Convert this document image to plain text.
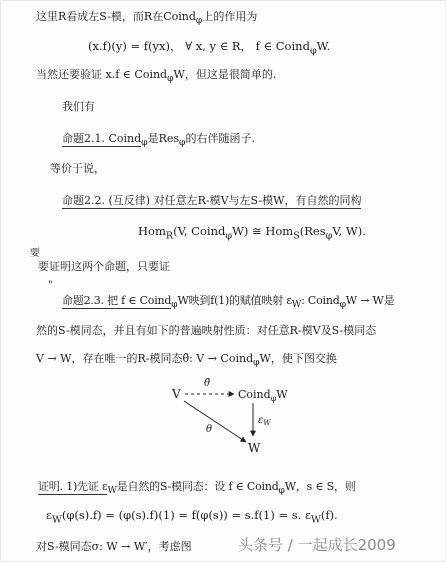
这里R看成左S-模，而R在Coind$_\varphi$上的作用为
(x.f)(y) = f(yx)， ∀ x, y ∈ R， f ∈ Coind$_\varphi$W.
当然还要验证 x.f ∈ Coind$_\varphi$W，但这是很简单的.
我们有
命题2.1. Coind$_\varphi$是Res$_\varphi$的右伴随函子.
等价于说，
命题2.2. (互反律) 对任意左R-模V与左S-模W，有自然的同构
Hom$_R$(V, Coind$_\varphi$W) ≅ Hom$_S$(Res$_\varphi$V, W).
要
要证明这两个命题，只要证
"
命题2.3. 把 f ∈ Coind$_\varphi$W映到f(1)的赋值映射 $\varepsilon_W$: Coind$_\varphi$W → W是
然的S-模同态，并且有如下的普遍映射性质：对任意R-模V及S-模同态
V → W，存在唯一的R-模同态θ̃: V → Coind$_\varphi$W，使下图交换
V
θ̃
Coind$_\varphi$W
$\varepsilon_W$
θ
W
证明. 1)先证 $\varepsilon_W$是自然的S-模同态：设 f ∈ Coind$_\varphi$W，s ∈ S，则
$\varepsilon_W(\varphi(s).f) = (\varphi(s).f)(1) = f(\varphi(s)) = s.f(1) = s$. $\varepsilon_W(f)$.
对S-模同态σ: W → W′，考虑图	头条号 / 一起成长2009
